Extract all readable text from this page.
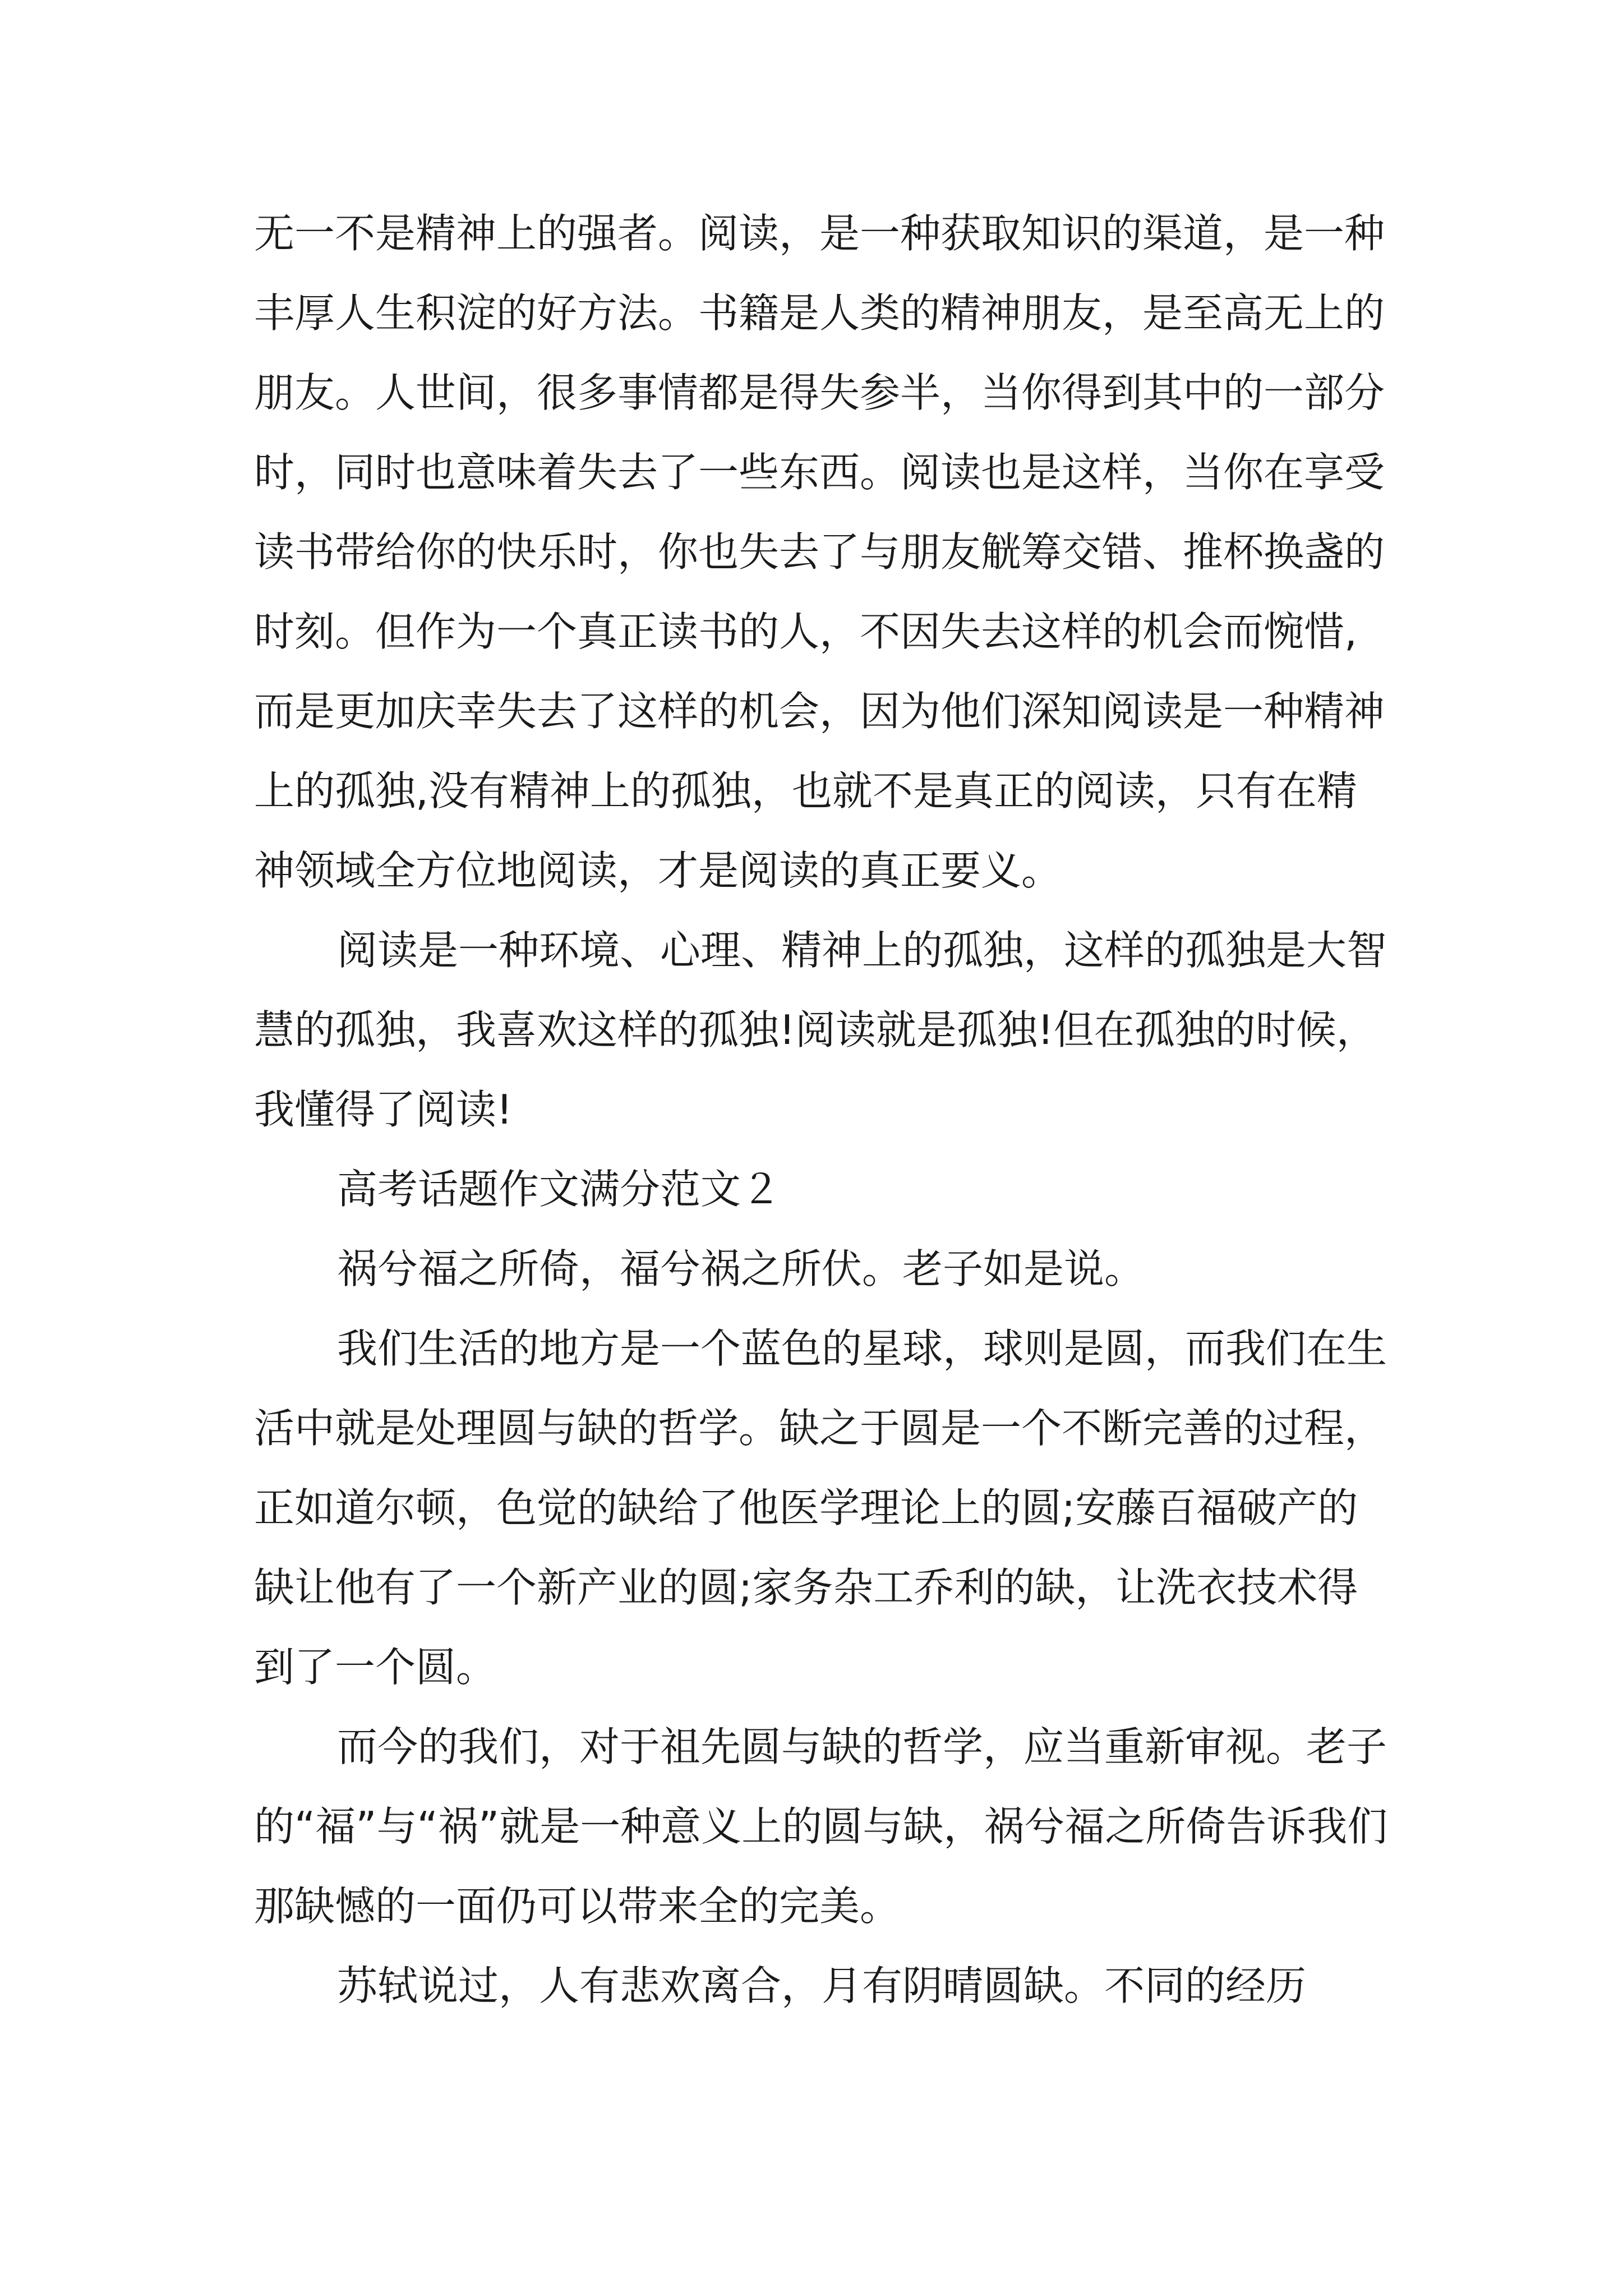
无一不是精神上的强者。阅读，是一种获取知识的渠道，是一种丰厚人生积淀的好方法。书籍是人类的精神朋友，是至高无上的朋友。人世间，很多事情都是得失参半，当你得到其中的一部分时，同时也意味着失去了一些东西。阅读也是这样，当你在享受读书带给你的快乐时，你也失去了与朋友觥筹交错、推杯换盏的时刻。但作为一个真正读书的人，不因失去这样的机会而惋惜,而是更加庆幸失去了这样的机会，因为他们深知阅读是一种精神上的孤独,没有精神上的孤独，也就不是真正的阅读，只有在精神领域全方位地阅读，才是阅读的真正要义。

阅读是一种环境、心理、精神上的孤独，这样的孤独是大智慧的孤独，我喜欢这样的孤独!阅读就是孤独!但在孤独的时候，我懂得了阅读!

高考话题作文满分范文２

祸兮福之所倚，福兮祸之所伏。老子如是说。

我们生活的地方是一个蓝色的星球，球则是圆，而我们在生活中就是处理圆与缺的哲学。缺之于圆是一个不断完善的过程，正如道尔顿，色觉的缺给了他医学理论上的圆;安藤百福破产的缺让他有了一个新产业的圆;家务杂工乔利的缺，让洗衣技术得到了一个圆。

而今的我们，对于祖先圆与缺的哲学，应当重新审视。老子的“福”与“祸”就是一种意义上的圆与缺，祸兮福之所倚告诉我们那缺憾的一面仍可以带来全的完美。

苏轼说过，人有悲欢离合，月有阴晴圆缺。不同的经历
